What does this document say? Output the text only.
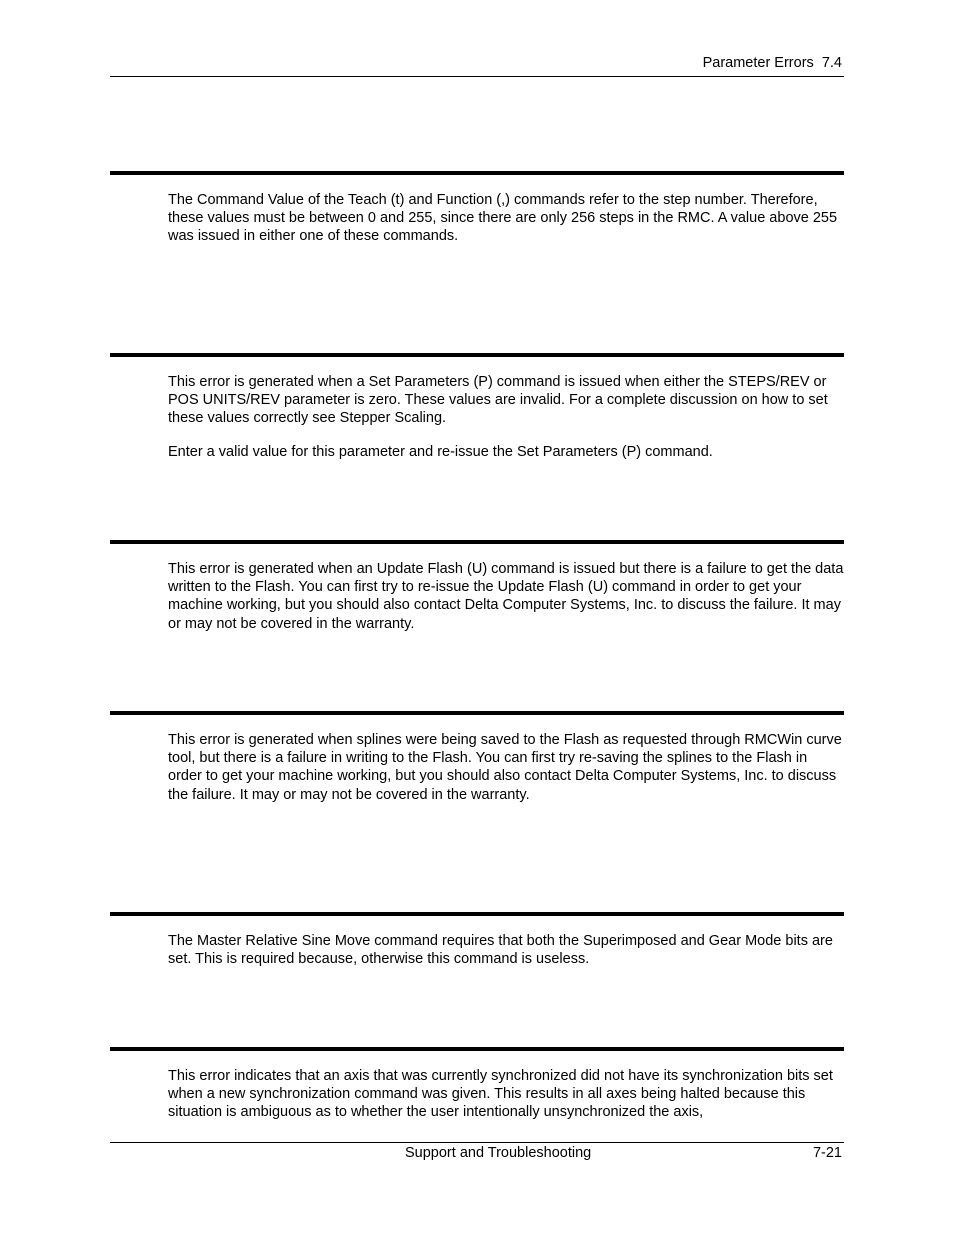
Parameter Errors  7.4

The Command Value of the Teach (t) and Function (,) commands refer to the step number. Therefore, these values must be between 0 and 255, since there are only 256 steps in the RMC. A value above 255 was issued in either one of these commands.

This error is generated when a Set Parameters (P) command is issued when either the STEPS/REV or POS UNITS/REV parameter is zero. These values are invalid. For a complete discussion on how to set these values correctly see Stepper Scaling.

Enter a valid value for this parameter and re-issue the Set Parameters (P) command.

This error is generated when an Update Flash (U) command is issued but there is a failure to get the data written to the Flash. You can first try to re-issue the Update Flash (U) command in order to get your machine working, but you should also contact Delta Computer Systems, Inc. to discuss the failure. It may or may not be covered in the warranty.

This error is generated when splines were being saved to the Flash as requested through RMCWin curve tool, but there is a failure in writing to the Flash. You can first try re-saving the splines to the Flash in order to get your machine working, but you should also contact Delta Computer Systems, Inc. to discuss the failure. It may or may not be covered in the warranty.

The Master Relative Sine Move command requires that both the Superimposed and Gear Mode bits are set. This is required because, otherwise this command is useless.

This error indicates that an axis that was currently synchronized did not have its synchronization bits set when a new synchronization command was given. This results in all axes being halted because this situation is ambiguous as to whether the user intentionally unsynchronized the axis,

Support and Troubleshooting	7-21
